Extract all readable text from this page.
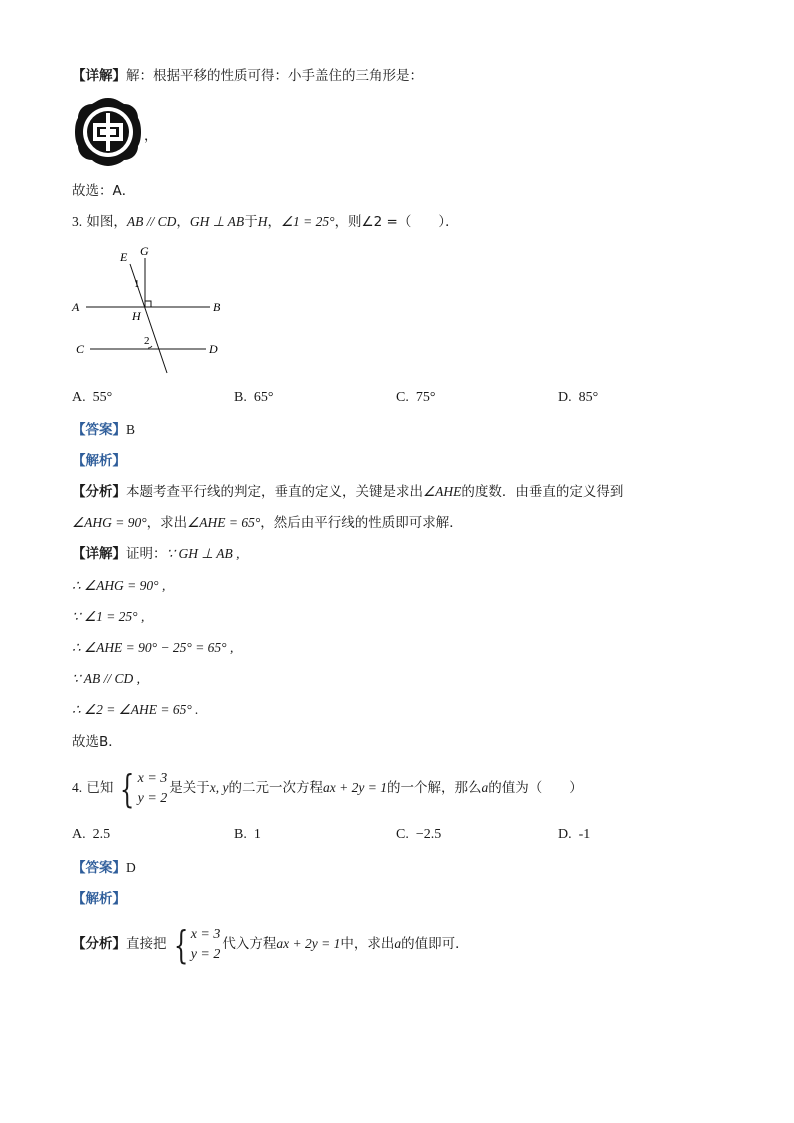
【详解】解：根据平移的性质可得：小手盖住的三角形是：
，
故选：A．
3. 如图，AB // CD，GH ⊥ AB于H，∠1 = 25°，则∠2 =（　　）．
E G
A	B
H
C	D
1
2
A. 55°	B. 65°	C. 75°	D. 85°
【答案】B
【解析】
【分析】本题考查平行线的判定，垂直的定义，关键是求出∠AHE的度数．由垂直的定义得到
∠AHG = 90°，求出∠AHE = 65°，然后由平行线的性质即可求解．
【详解】证明：∵ GH ⊥ AB ,
∴ ∠AHG = 90° ,
∵ ∠1 = 25° ,
∴ ∠AHE = 90° − 25° = 65° ,
∵ AB // CD ,
∴ ∠2 = ∠AHE = 65° .
故选B．
4. 已知 { x = 3
y = 2
是关于x, y的二元一次方程ax + 2y = 1的一个解，那么a的值为（　　）
A. 2.5	B. 1	C. −2.5	D. -1
【答案】D
【解析】
【分析】直接把 { x = 3
y = 2
代入方程ax + 2y = 1中，求出a的值即可．
